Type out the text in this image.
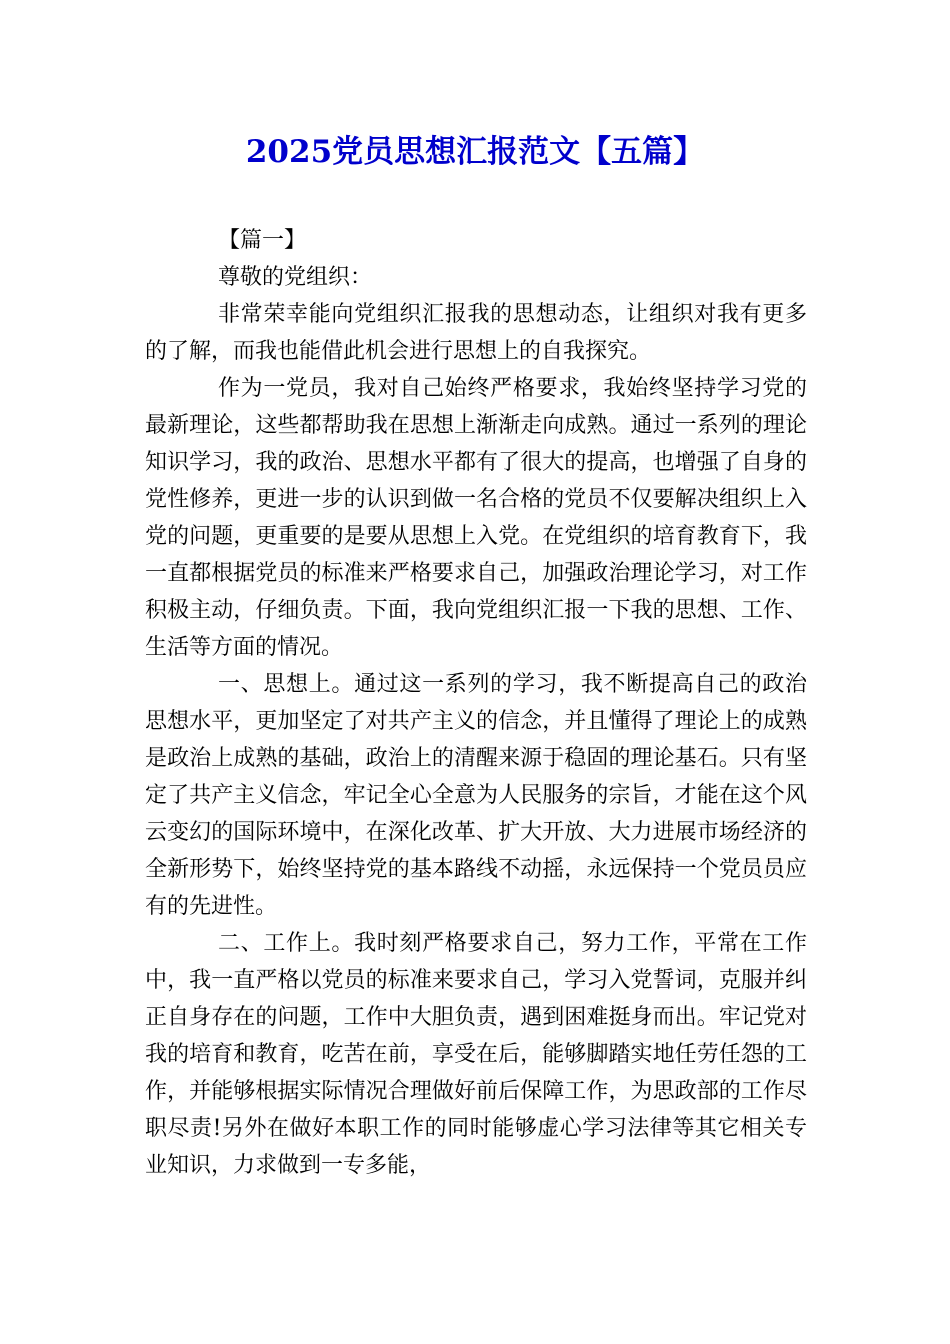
2025党员思想汇报范文【五篇】

【篇一】

尊敬的党组织：

非常荣幸能向党组织汇报我的思想动态，让组织对我有更多的了解，而我也能借此机会进行思想上的自我探究。

作为一党员，我对自己始终严格要求，我始终坚持学习党的最新理论，这些都帮助我在思想上渐渐走向成熟。通过一系列的理论知识学习，我的政治、思想水平都有了很大的提高，也增强了自身的党性修养，更进一步的认识到做一名合格的党员不仅要解决组织上入党的问题，更重要的是要从思想上入党。在党组织的培育教育下，我一直都根据党员的标准来严格要求自己，加强政治理论学习，对工作积极主动，仔细负责。下面，我向党组织汇报一下我的思想、工作、生活等方面的情况。

一、思想上。通过这一系列的学习，我不断提高自己的政治思想水平，更加坚定了对共产主义的信念，并且懂得了理论上的成熟是政治上成熟的基础，政治上的清醒来源于稳固的理论基石。只有坚定了共产主义信念，牢记全心全意为人民服务的宗旨，才能在这个风云变幻的国际环境中，在深化改革、扩大开放、大力进展市场经济的全新形势下，始终坚持党的基本路线不动摇，永远保持一个党员员应有的先进性。

二、工作上。我时刻严格要求自己，努力工作，平常在工作中，我一直严格以党员的标准来要求自己，学习入党誓词，克服并纠正自身存在的问题，工作中大胆负责，遇到困难挺身而出。牢记党对我的培育和教育，吃苦在前，享受在后，能够脚踏实地任劳任怨的工作，并能够根据实际情况合理做好前后保障工作，为思政部的工作尽职尽责!另外在做好本职工作的同时能够虚心学习法律等其它相关专业知识，力求做到一专多能，
